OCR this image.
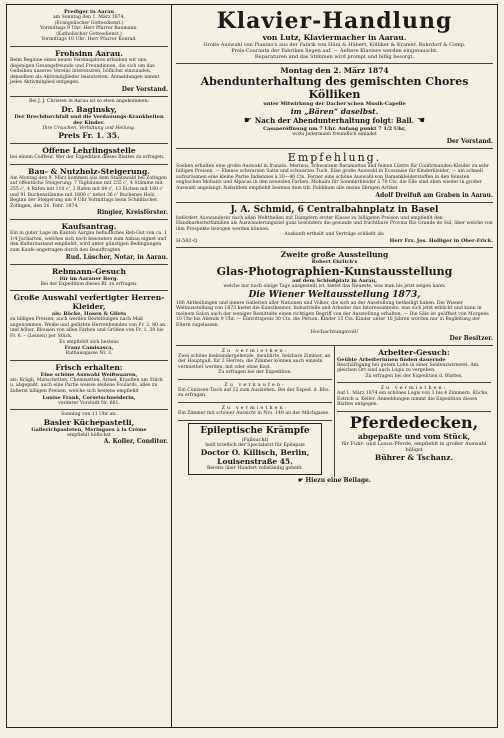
Prediger in Aarau
am Sonntag den 1. März 1874.
(Evangelischer Gottesdienst.)
Vormittags 9 Uhr: Herr Pfarrer Baumann.
(Katholischer Gottesdienst.)
Vormittags 10 Uhr: Herr Pfarrer Konrad.
Frohsinn Aarau.
Beim Beginne eines neuen Vereinsjahres erlauben wir uns, diejenigen Gesangsfreunde und Freundinnen, die sich um das Gedeihen unseres Vereins interessiren, höflichst einzuladen, denselben als Aktivmitglieder beizutreten. Anmeldungen nimmt jedes Aktivmitglied entgegen.
Der Vorstand.
Bei J. J. Christen in Aarau ist so eben angekommen:
Dr. Baginsky,
Der Brechdurchfall und die Verdauungs-Krankheiten der Kinder.
Ihre Ursachen, Verhütung und Heilung.
Preis Fr. 1. 35.
Offene Lehrlingsstelle
bei einem Coiffeur. Wer der Expedition dieses Blattes zu erfragen.
Bau- & Nutzholz-Steigerung.
Am Montag den 9. März kommen aus dem Staatswald bei Zofingen auf öffentliche Steigerung: 7 Tagbäume mit 255 c', 4 Stämme mit 255 c', 4 Rafen mit 110 c', 2 Rafen mit 84 c', 13 Eichen mit 160 c' und 91 Buchenstämme mit 1800 c' nebst 36 c' Buchenes Holz. Beginn der Steigerung um 9 Uhr Vormittags beim Schildlacher.
Zofingen, den 26. Febr. 1874.
Ringier, Kreisförster.
Kaufsantrag.
Ein in guter Lage im Kanton Aargau befindliches Reb-Gut von ca. 1 1/4 Jucharten, welches sich noch besonders zum Anbau eignet und den Kulturzustand empfiehlt, wird unter günstigen Bedingungen zum Kaufe angetragen durch den Beauftragten
Rud. Lüscher, Notar, in Aarau.
Rebmann-Gesuch
für im Aarauer Berg.
Bei der Expedition dieses Bl. zu erfragen.
Große Auswahl verfertigter Herren-Kleider,
als: Röcke, Hosen & Gilets
zu billigen Preisen; auch werden Bestellungen nach Maß angenommen. Weiße und gefärbte Herrenhemden von Fr. 2. 80 an und höher. Blousen von allen Farben und Größen von Fr. 1. 30 bis Fr. 6. – (Leinen) per Stück.
Es empfiehlt sich bestens
Franz Camisasca,
Rathausgasse Nr. 3.
Frisch erhalten:
Eine schöne Auswahl Weißwaaren,
als: Krägli, Manschetten, Chemisetten, Ärmel, Kraußen am Stück u. abgepaßt, auch eine Partie weisse seidene Foulards, alles zu äußerst billigen Preisen, welche sich bestens empfiehlt
Louise Frank, Corsetschneiderin,
vorderer Vorstadt Nr. 661.
Sonntag von 11 Uhr an:
Basler Küchepastetli,
Gallerichpasteten, Meringues à la Crème
empfiehlt höflichst
A. Koller, Conditor.
Klavier-Handlung
von Lutz, Klaviermacher in Aarau.
Große Auswahl von Pianino's aus der Fabrik von Hüni & Hübert, Kölliker & Kramer, Rohrdorf & Comp.
Preis-Courante der Fabriken liegen auf. — Aeltere Klaviere werden eingetauscht.
Reparaturen und das Stimmen wird prompt und billig besorgt.
Montag den 2. März 1874
Abendunterhaltung des gemischten Chores Kölliken
unter Mitwirkung der Dacher'schen Musik-Capelle
im „Bären“ daselbst.
☛ Nach der Abendunterhaltung folgt: Ball. ☚
Cassaeröffnung um 7 Uhr. Anfang punkt 7 1/2 Uhr,
wozu Jedermann freundlich einladet
Der Vorstand.
Empfehlung.
Soeben erhalten eine große Auswahl in französ. Merinos, schwarzem Baramattas und feinen Lüstre für Confirmanden-Kleider zu sehr billigen Preisen. — Ebenso schwarzen Satin und schwarzes Tuch. Eine große Auswahl in Ecossaise für Kinderkleider, — um schnell aufzuräumen eine kleine Partie Indiennes à 30—40 Cts. Ferner eine schöne Auswahl von Damenkleiderstoffen in den feinsten englischen Mohairs und Alpacas in den neuesten Farben. Mohairs für Sommerkleider à 70 Cts. die Elle sind eben wieder in großer Auswahl angelangt. Nebstdem empfiehlt bestens dem titl. Publikum alle meine übrigen Artikel
Adolf Dreifuß am Graben in Aarau.
J. A. Schmid, 6 Centralbahnplatz in Basel
befördert Auswanderer nach allen Welttheilen mit Dampfern erster Klasse zu billigsten Preisen und empfiehlt den Handbarbeiterfamilien als Auswanderungsziel ganz besonders die gesunde und fruchtbare Provinz Rio Grande do Sul, über welche von ihm Prospekte bezogen werden können.
Auskunft ertheilt und Verträge schließt ab:
H-582-Q	Herr Frz. Jos. Holliger in Ober-Frick.
Zweite große Ausstellung
Robert Ehrlich's
Glas-Photographien-Kunstausstellung
auf dem Schloßplatz in Aarau,
welche nur noch einige Tage ausgestellt ist, bietet das Neueste, was man bis jetzt zeigen kann:
Die Wiener Weltausstellung 1873,
186 Abtheilungen und innere Gallerien aller Nationen und Völker, die sich an der Ausstellung betheiligt haben. Die Wiener Weltausstellung von 1873 bietet die Kunstkenner, Industrielle und Arbeiter das Interessanteste, was sich jetzt erblickt und kann in meinem Salon auch der weniger Bemittelte einen richtigen Begriff von der Ausstellung erhalten. — Die Säle ist geöffnet von Morgens 10 Uhr bis Abends 9 Uhr. — Eintrittspreis 30 Cts. die Person. Kinder 15 Cts. Kinder unter 10 Jahren werden nur in Begleitung der Eltern zugelassen.
Hochachtungsvoll!
Der Besitzer.
Zu vermiethen:
Zwei schöne ineinandergehende, meublirte, heizbare Zimmer, an der Hauptgaß, für 2 Herren; die Zimmer können auch einzeln vermiethet werden, mit oder ohne Kost.
Zu erfragen bei der Expedition.
Zu verkaufen:
Ein Conissen-Tisch auf 12 zum Ausziehen. Bei der Exped. d. Blts. zu erfragen.
Zu vermiethen:
Ein Zimmer mit schöner Aussicht in Nro. 148 an der Milchgasse.
Epileptische Krämpfe
(Fallsucht)
heilt brieflich der Specialarzt für Epilepsie
Doctor O. Killisch, Berlin,
Louisenstraße 45.
Bereits über Hundert vollständig geheilt.
Arbeiter-Gesuch:
Geübte Arbeiterinnen finden dauernde
Beschäftigung bei gutem Lohn in einer Seidenzwirnerei. Am gleichen Ort sind auch Logis zu vergeben.
Zu erfragen bei der Expedition d. Blattes.
Zu vermiethen:
Auf 1. März 1874 ein schönes Logis von 3 bis 4 Zimmern, Küche, Estrich u. Keller. Anmeldungen nimmt die Expedition dieses Blattes entgegen.
Pferdedecken,
abgepaßte und vom Stück,
für Fuhr- und Luxus-Pferde, empfiehlt in großer Auswahl billigst
Bührer & Tschanz.
☛ Hiezu eine Beilage.
